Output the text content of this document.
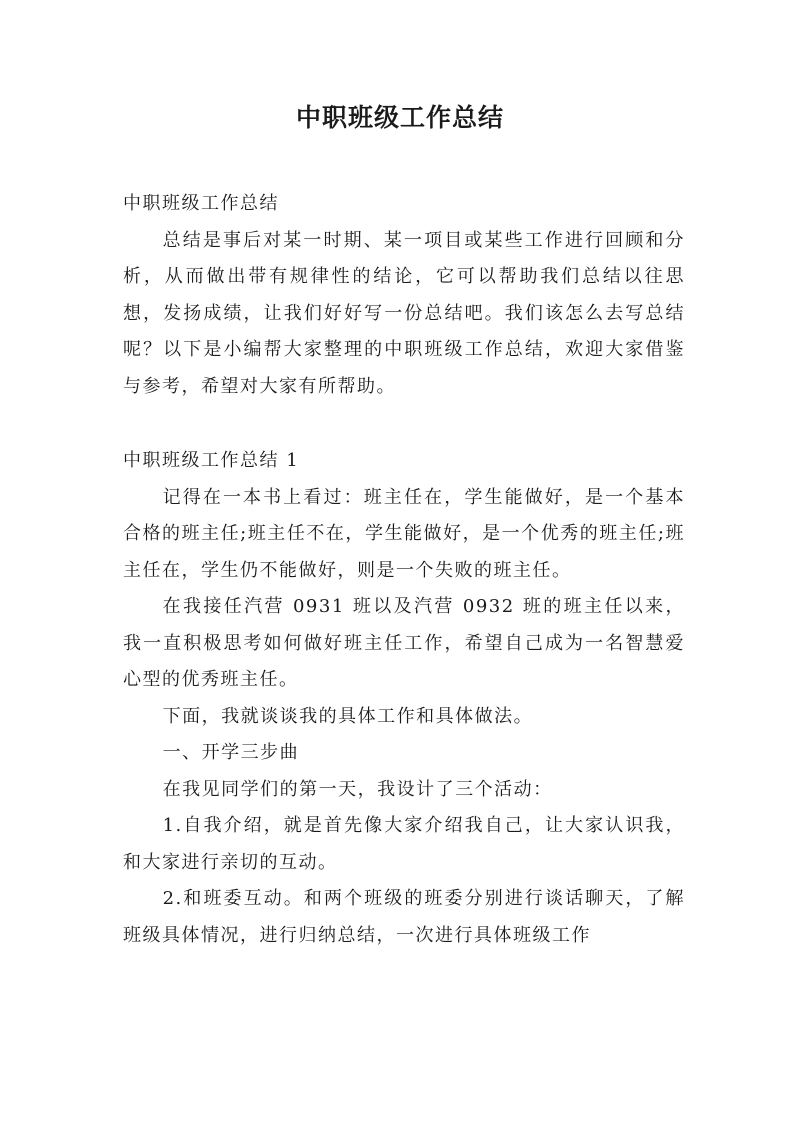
中职班级工作总结

中职班级工作总结

总结是事后对某一时期、某一项目或某些工作进行回顾和分析，从而做出带有规律性的结论，它可以帮助我们总结以往思想，发扬成绩，让我们好好写一份总结吧。我们该怎么去写总结呢？以下是小编帮大家整理的中职班级工作总结，欢迎大家借鉴与参考，希望对大家有所帮助。

中职班级工作总结 1

记得在一本书上看过：班主任在，学生能做好，是一个基本合格的班主任;班主任不在，学生能做好，是一个优秀的班主任;班主任在，学生仍不能做好，则是一个失败的班主任。

在我接任汽营 0931 班以及汽营 0932 班的班主任以来，我一直积极思考如何做好班主任工作，希望自己成为一名智慧爱心型的优秀班主任。

下面，我就谈谈我的具体工作和具体做法。

一、开学三步曲

在我见同学们的第一天，我设计了三个活动：

1.自我介绍，就是首先像大家介绍我自己，让大家认识我，和大家进行亲切的互动。

2.和班委互动。和两个班级的班委分别进行谈话聊天，了解班级具体情况，进行归纳总结，一次进行具体班级工作
